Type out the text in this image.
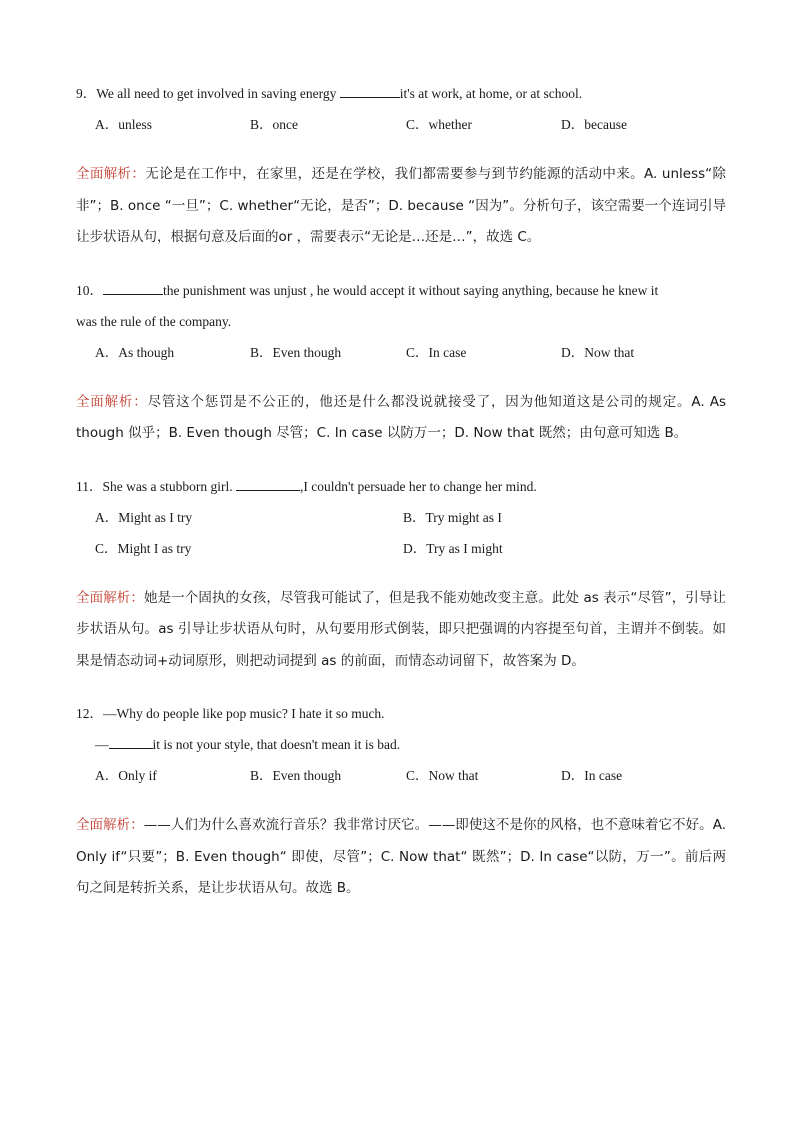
9．We all need to get involved in saving energy	it's at work, at home, or at school.

A．unless	B．once	C．whether	D．because
全面解析：无论是在工作中，在家里，还是在学校，我们都需要参与到节约能源的活动中来。A. unless“除非”；B. once “一旦”；C. whether“无论，是否”；D. because “因为”。分析句子，该空需要一个连词引导让步状语从句，根据句意及后面的or ，需要表示“无论是…还是…”，故选 C。

10．	the punishment was unjust , he would accept it without saying anything, because he knew it

was the rule of the company.

A．As though	B．Even though	C．In case	D．Now that
全面解析：尽管这个惩罚是不公正的，他还是什么都没说就接受了，因为他知道这是公司的规定。A. As though 似乎；B. Even though 尽管；C. In case 以防万一；D. Now that 既然；由句意可知选 B。

11．She was a stubborn girl.	,I couldn't persuade her to change her mind.

A．Might as I try	B．Try might as I
C．Might I as try	D．Try as I might
全面解析：她是一个固执的女孩，尽管我可能试了，但是我不能劝她改变主意。此处 as 表示“尽管”，引导让步状语从句。as 引导让步状语从句时，从句要用形式倒装，即只把强调的内容提至句首，主谓并不倒装。如果是情态动词+动词原形，则把动词提到 as 的前面，而情态动词留下，故答案为 D。

12．—Why do people like pop music? I hate it so much.

—	it is not your style, that doesn't mean it is bad.

A．Only if	B．Even though	C．Now that	D．In case
全面解析：——人们为什么喜欢流行音乐？我非常讨厌它。——即使这不是你的风格，也不意味着它不好。A. Only if“只要”；B. Even though“ 即使，尽管”；C. Now that“ 既然”；D. In case“以防，万一”。前后两句之间是转折关系，是让步状语从句。故选 B。
